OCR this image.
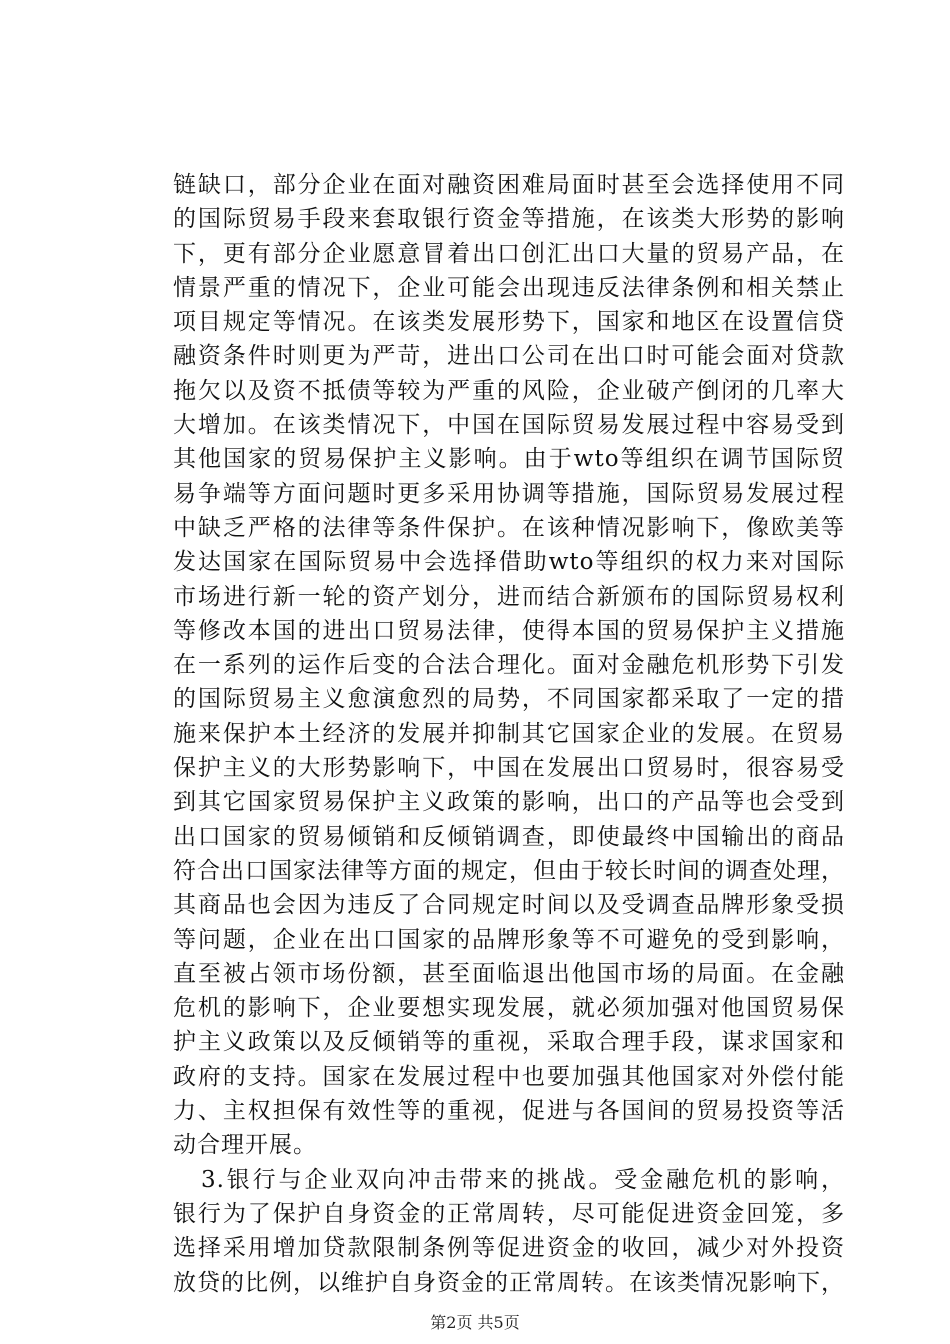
链缺口，部分企业在面对融资困难局面时甚至会选择使用不同
的国际贸易手段来套取银行资金等措施，在该类大形势的影响
下，更有部分企业愿意冒着出口创汇出口大量的贸易产品，在
情景严重的情况下，企业可能会出现违反法律条例和相关禁止
项目规定等情况。在该类发展形势下，国家和地区在设置信贷
融资条件时则更为严苛，进出口公司在出口时可能会面对贷款
拖欠以及资不抵债等较为严重的风险，企业破产倒闭的几率大
大增加。在该类情况下，中国在国际贸易发展过程中容易受到
其他国家的贸易保护主义影响。由于wto等组织在调节国际贸
易争端等方面问题时更多采用协调等措施，国际贸易发展过程
中缺乏严格的法律等条件保护。在该种情况影响下，像欧美等
发达国家在国际贸易中会选择借助wto等组织的权力来对国际
市场进行新一轮的资产划分，进而结合新颁布的国际贸易权利
等修改本国的进出口贸易法律，使得本国的贸易保护主义措施
在一系列的运作后变的合法合理化。面对金融危机形势下引发
的国际贸易主义愈演愈烈的局势，不同国家都采取了一定的措
施来保护本土经济的发展并抑制其它国家企业的发展。在贸易
保护主义的大形势影响下，中国在发展出口贸易时，很容易受
到其它国家贸易保护主义政策的影响，出口的产品等也会受到
出口国家的贸易倾销和反倾销调查，即使最终中国输出的商品
符合出口国家法律等方面的规定，但由于较长时间的调查处理，
其商品也会因为违反了合同规定时间以及受调查品牌形象受损
等问题，企业在出口国家的品牌形象等不可避免的受到影响，
直至被占领市场份额，甚至面临退出他国市场的局面。在金融
危机的影响下，企业要想实现发展，就必须加强对他国贸易保
护主义政策以及反倾销等的重视，采取合理手段，谋求国家和
政府的支持。国家在发展过程中也要加强其他国家对外偿付能
力、主权担保有效性等的重视，促进与各国间的贸易投资等活
动合理开展。
3.银行与企业双向冲击带来的挑战。受金融危机的影响，
银行为了保护自身资金的正常周转，尽可能促进资金回笼，多
选择采用增加贷款限制条例等促进资金的收回，减少对外投资
放贷的比例，以维护自身资金的正常周转。在该类情况影响下，
第2页 共5页
